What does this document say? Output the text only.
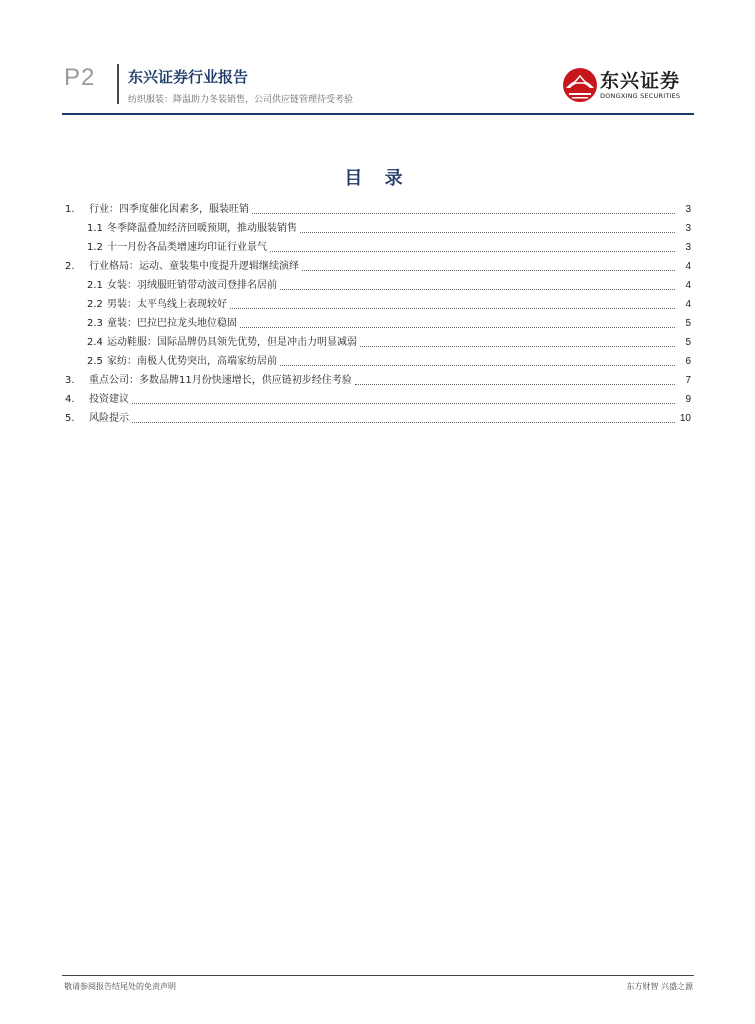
P2 东兴证券行业报告
纺织服装：降温助力冬装销售，公司供应链管理待受考验
东兴证券
DONGXING SECURITIES
目 录
1.	行业：四季度催化因素多，服装旺销	3
1.1 冬季降温叠加经济回暖预期，推动服装销售	3
1.2 十一月份各品类增速均印证行业景气	3
2.	行业格局：运动、童装集中度提升逻辑继续演绎	4
2.1 女装：羽绒服旺销带动波司登排名居前	4
2.2 男装：太平鸟线上表现较好	4
2.3 童装：巴拉巴拉龙头地位稳固	5
2.4 运动鞋服：国际品牌仍具领先优势，但是冲击力明显减弱	5
2.5 家纺：南极人优势突出，高端家纺居前	6
3.	重点公司：多数品牌11月份快速增长，供应链初步经住考验	7
4.	投资建议	9
5.	风险提示	10
敬请参阅报告结尾处的免责声明	东方财智 兴盛之源
